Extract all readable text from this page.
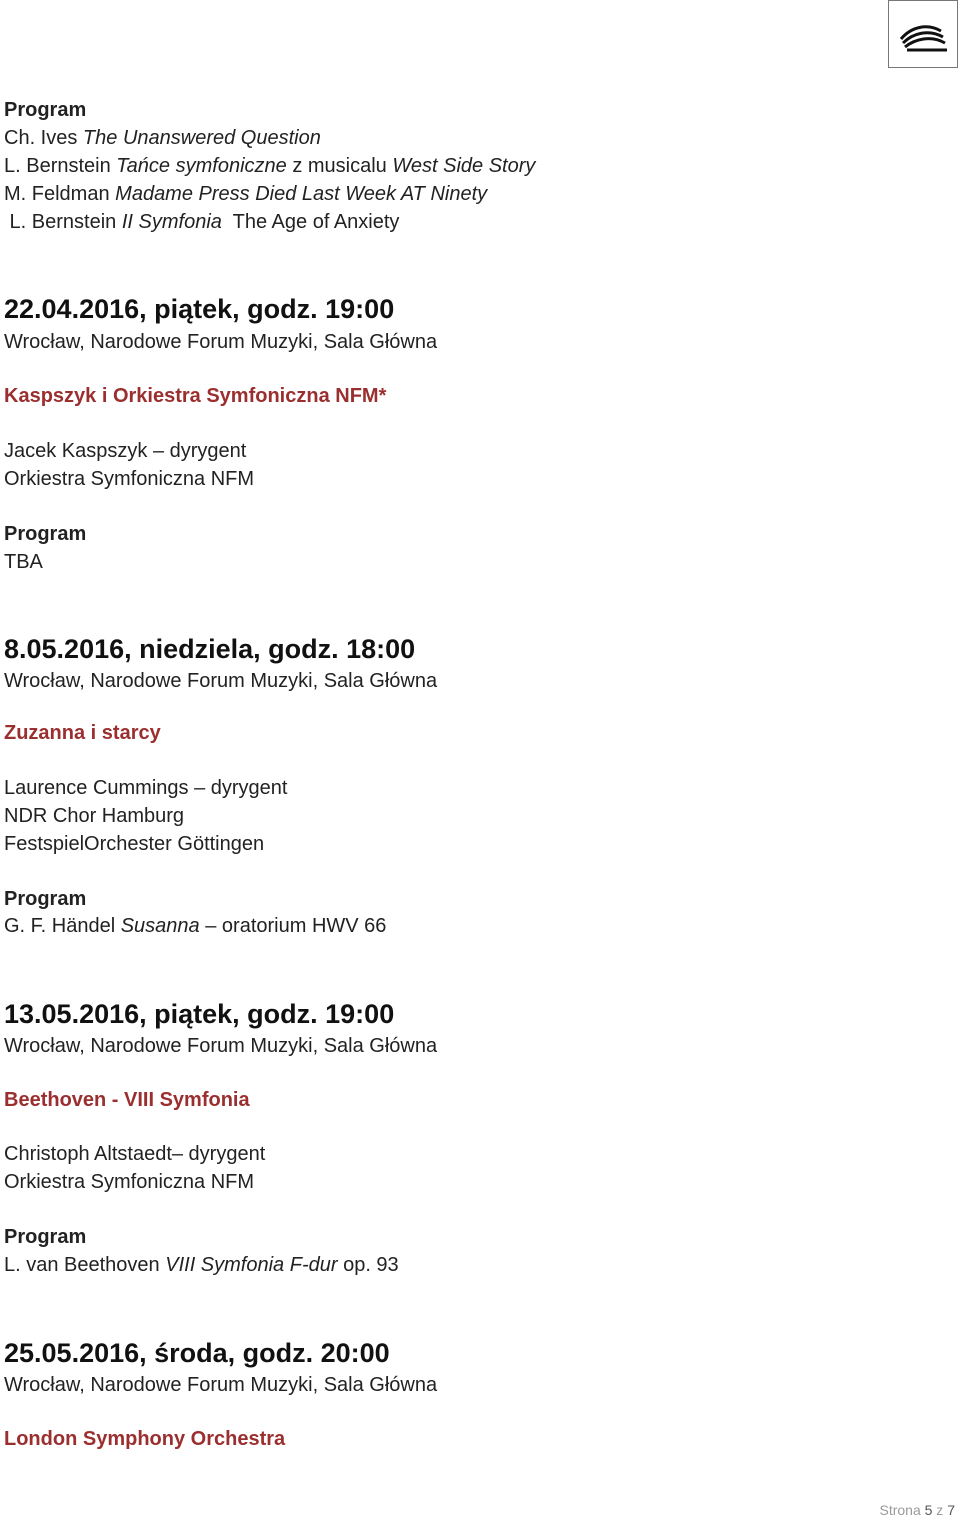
Program
Ch. Ives The Unanswered Question
L. Bernstein Tańce symfoniczne z musicalu West Side Story
M. Feldman Madame Press Died Last Week AT Ninety
L. Bernstein II Symfonia  The Age of Anxiety
22.04.2016, piątek, godz. 19:00
Wrocław, Narodowe Forum Muzyki, Sala Główna
Kaspszyk i Orkiestra Symfoniczna NFM*
Jacek Kaspszyk – dyrygent
Orkiestra Symfoniczna NFM
Program
TBA
8.05.2016, niedziela, godz. 18:00
Wrocław, Narodowe Forum Muzyki, Sala Główna
Zuzanna i starcy
Laurence Cummings – dyrygent
NDR Chor Hamburg
FestspielOrchester Göttingen
Program
G. F. Händel Susanna – oratorium HWV 66
13.05.2016, piątek, godz. 19:00
Wrocław, Narodowe Forum Muzyki, Sala Główna
Beethoven - VIII Symfonia
Christoph Altstaedt– dyrygent
Orkiestra Symfoniczna NFM
Program
L. van Beethoven VIII Symfonia F-dur op. 93
25.05.2016, środa, godz. 20:00
Wrocław, Narodowe Forum Muzyki, Sala Główna
London Symphony Orchestra
Strona 5 z 7
